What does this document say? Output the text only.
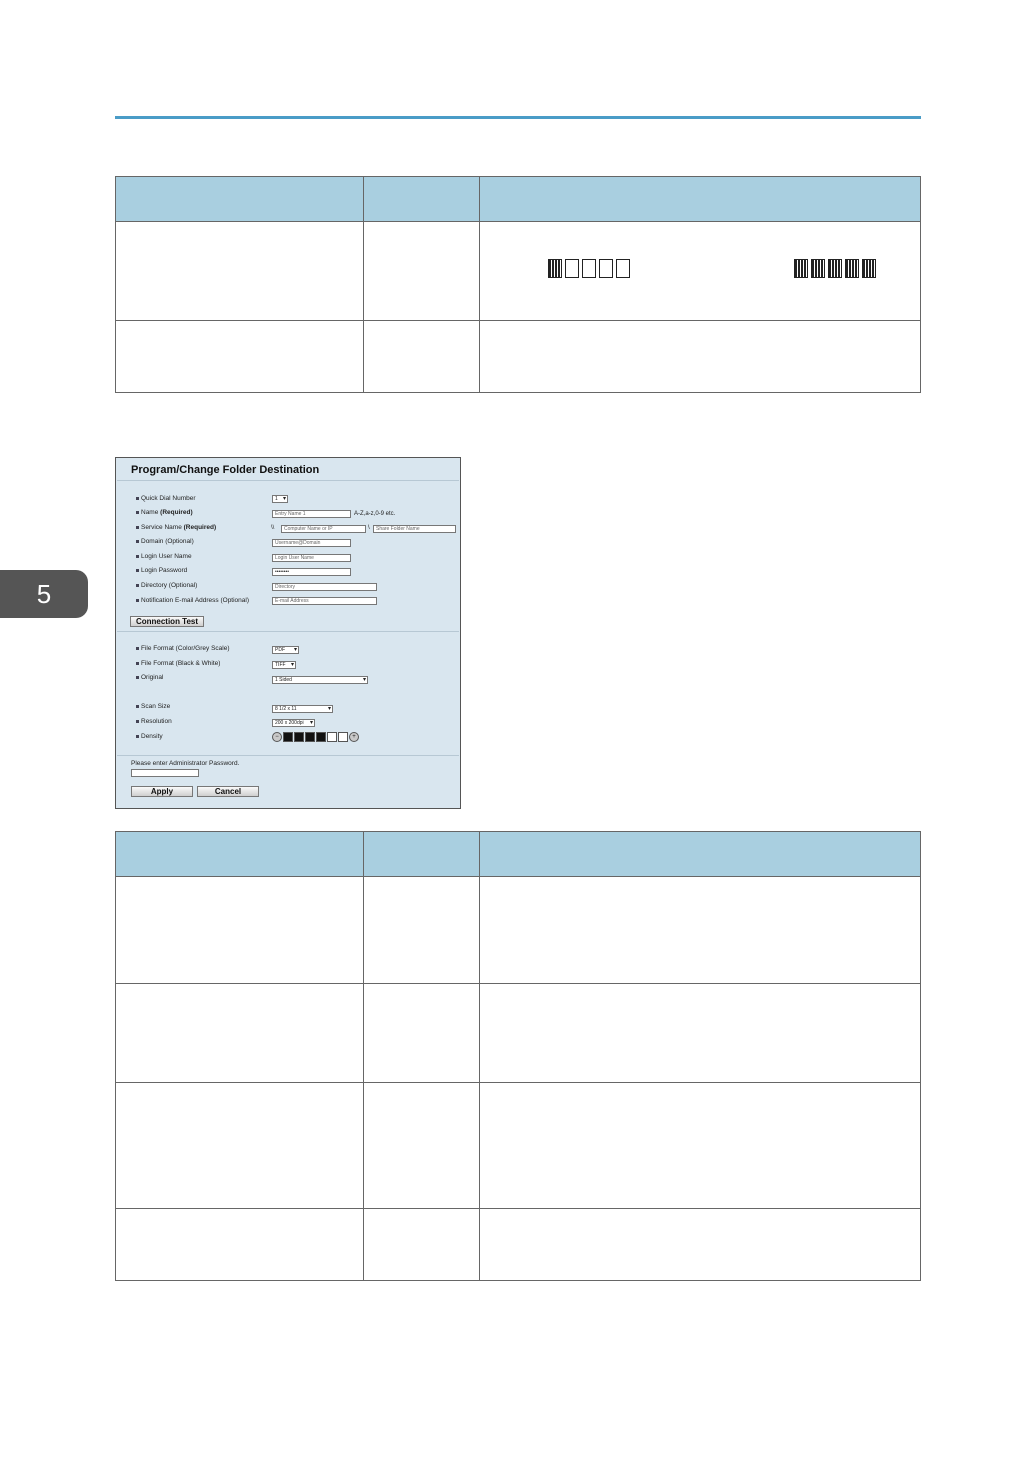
5

Program/Change Folder Destination
Quick Dial Number	1 ▾
Name (Required)	Entry Name 1	A-Z,a-z,0-9 etc.
Service Name (Required)	\\	Computer Name or IP	\	Share Folder Name
Domain (Optional)	Username@Domain
Login User Name	Login User Name
Login Password	••••••••
Directory (Optional)	Directory
Notification E-mail Address (Optional)	E-mail Address
Connection Test
File Format (Color/Grey Scale)	PDF ▾
File Format (Black & White)	TIFF ▾
Original	1 Sided ▾
Scan Size	8 1/2 x 11 ▾
Resolution	200 x 200dpi ▾
Density	−	+
Please enter Administrator Password.
Apply	Cancel
